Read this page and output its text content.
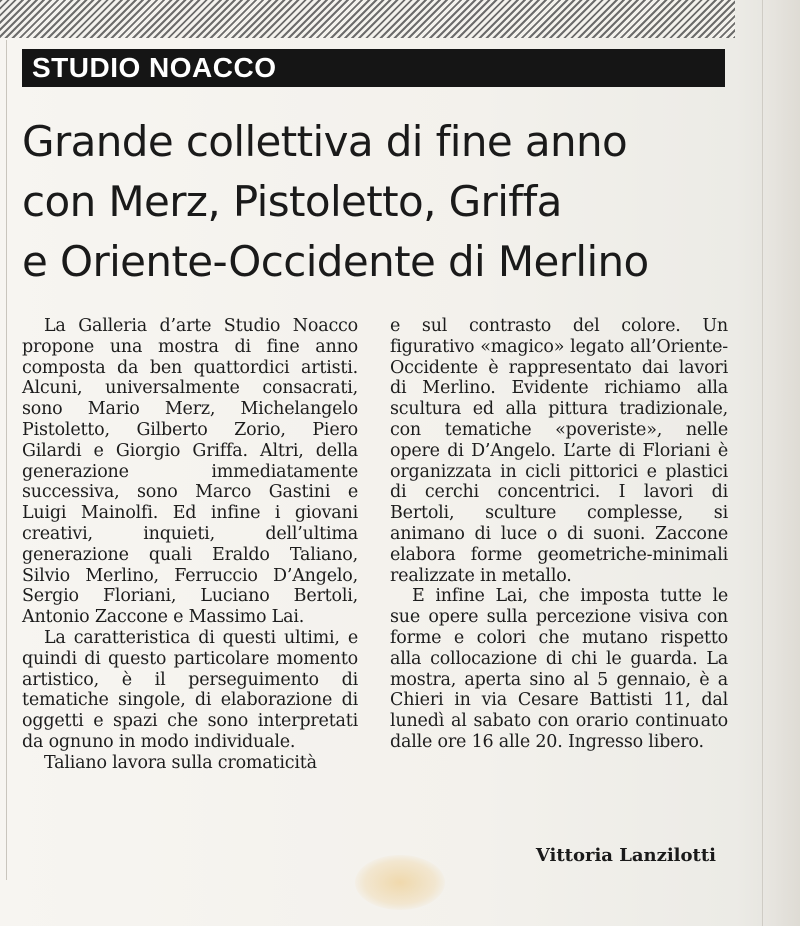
STUDIO NOACCO
Grande collettiva di fine anno
con Merz, Pistoletto, Griffa
e Oriente-Occidente di Merlino

La Galleria d’arte Studio Noacco propone una mostra di fine anno composta da ben quattordici artisti. Alcuni, universalmente consacrati, sono Mario Merz, Michelangelo Pistoletto, Gilberto Zorio, Piero Gilardi e Giorgio Griffa. Altri, della generazione immediatamente successiva, sono Marco Gastini e Luigi Mainolfi. Ed infine i giovani creativi, inquieti, dell’ultima generazione quali Eraldo Taliano, Silvio Merlino, Ferruccio D’Angelo, Sergio Floriani, Luciano Bertoli, Antonio Zaccone e Massimo Lai.

La caratteristica di questi ultimi, e quindi di questo particolare momento artistico, è il perseguimento di tematiche singole, di elaborazione di oggetti e spazi che sono interpretati da ognuno in modo individuale.

Taliano lavora sulla cromaticità

e sul contrasto del colore. Un figurativo «magico» legato all’Oriente-Occidente è rappresentato dai lavori di Merlino. Evidente richiamo alla scultura ed alla pittura tradizionale, con tematiche «poveriste», nelle opere di D’Angelo. L’arte di Floriani è organizzata in cicli pittorici e plastici di cerchi concentrici. I lavori di Bertoli, sculture complesse, si animano di luce o di suoni. Zaccone elabora forme geometriche-minimali realizzate in metallo.

E infine Lai, che imposta tutte le sue opere sulla percezione visiva con forme e colori che mutano rispetto alla collocazione di chi le guarda. La mostra, aperta sino al 5 gennaio, è a Chieri in via Cesare Battisti 11, dal lunedì al sabato con orario continuato dalle ore 16 alle 20. Ingresso libero.

Vittoria Lanzilotti
